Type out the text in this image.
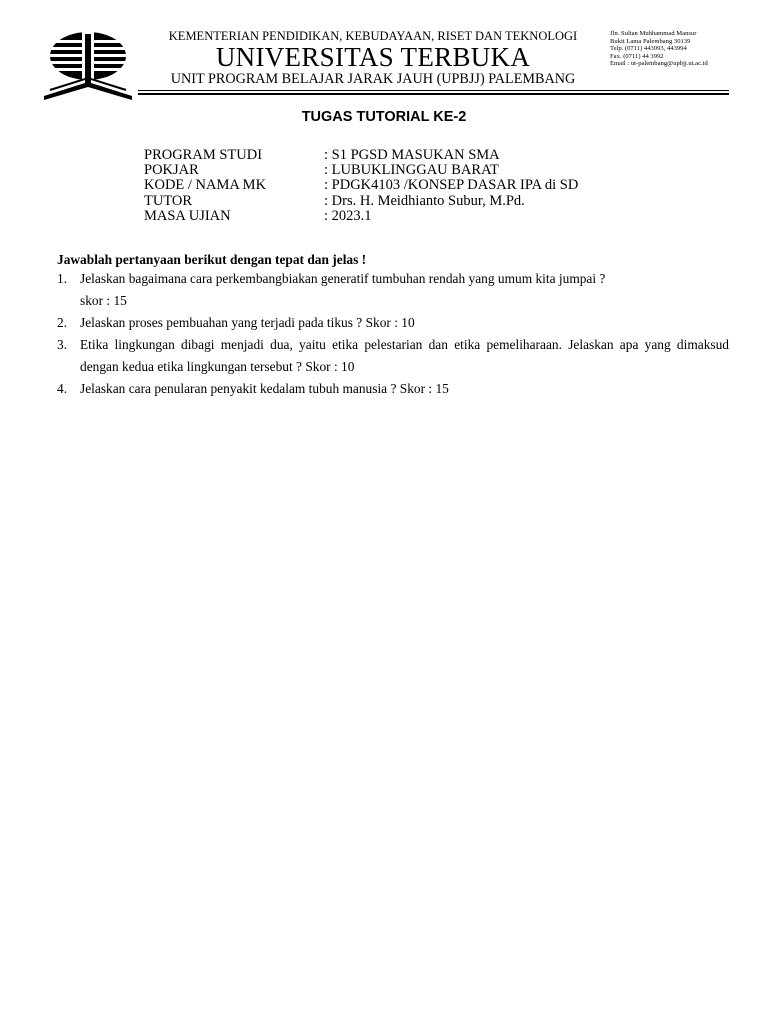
KEMENTERIAN PENDIDIKAN, KEBUDAYAAN, RISET DAN TEKNOLOGI
UNIVERSITAS TERBUKA
UNIT PROGRAM BELAJAR JARAK JAUH (UPBJJ) PALEMBANG
Jln. Sultan Muhhammad Mansur
Bukit Lama Palembang 30139
Telp. (0711) 443993, 443994
Fax. (0711) 44 3992
Email : ut-palembang@upbjj.ut.ac.id
TUGAS TUTORIAL KE-2
PROGRAM STUDI	: S1 PGSD MASUKAN SMA
POKJAR	: LUBUKLINGGAU BARAT
KODE / NAMA MK	: PDGK4103 /KONSEP DASAR IPA di SD
TUTOR	: Drs. H. Meidhianto Subur, M.Pd.
MASA UJIAN	: 2023.1
Jawablah pertanyaan berikut dengan tepat dan jelas !
1. Jelaskan bagaimana cara perkembangbiakan generatif tumbuhan rendah yang umum kita jumpai ?
skor : 15
2. Jelaskan proses pembuahan yang terjadi pada tikus ? Skor : 10
3. Etika lingkungan dibagi menjadi dua, yaitu etika pelestarian dan etika pemeliharaan. Jelaskan apa yang dimaksud dengan kedua etika lingkungan tersebut ? Skor : 10
4. Jelaskan cara penularan penyakit kedalam tubuh manusia ? Skor : 15
